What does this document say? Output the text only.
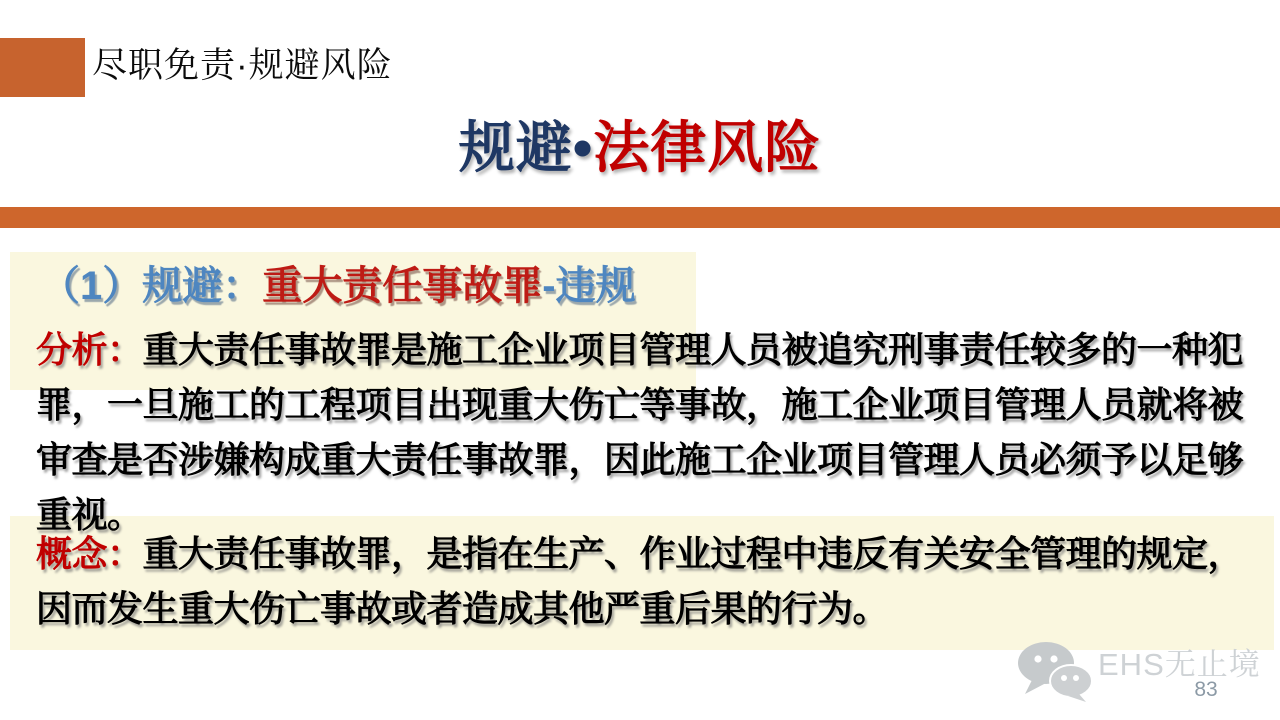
尽职免责·规避风险
规避•法律风险
（1）规避：重大责任事故罪-违规
分析：重大责任事故罪是施工企业项目管理人员被追究刑事责任较多的一种犯
罪，一旦施工的工程项目出现重大伤亡等事故，施工企业项目管理人员就将被
审查是否涉嫌构成重大责任事故罪，因此施工企业项目管理人员必须予以足够
重视。
概念：重大责任事故罪，是指在生产、作业过程中违反有关安全管理的规定，
因而发生重大伤亡事故或者造成其他严重后果的行为。
EHS无止境
83
